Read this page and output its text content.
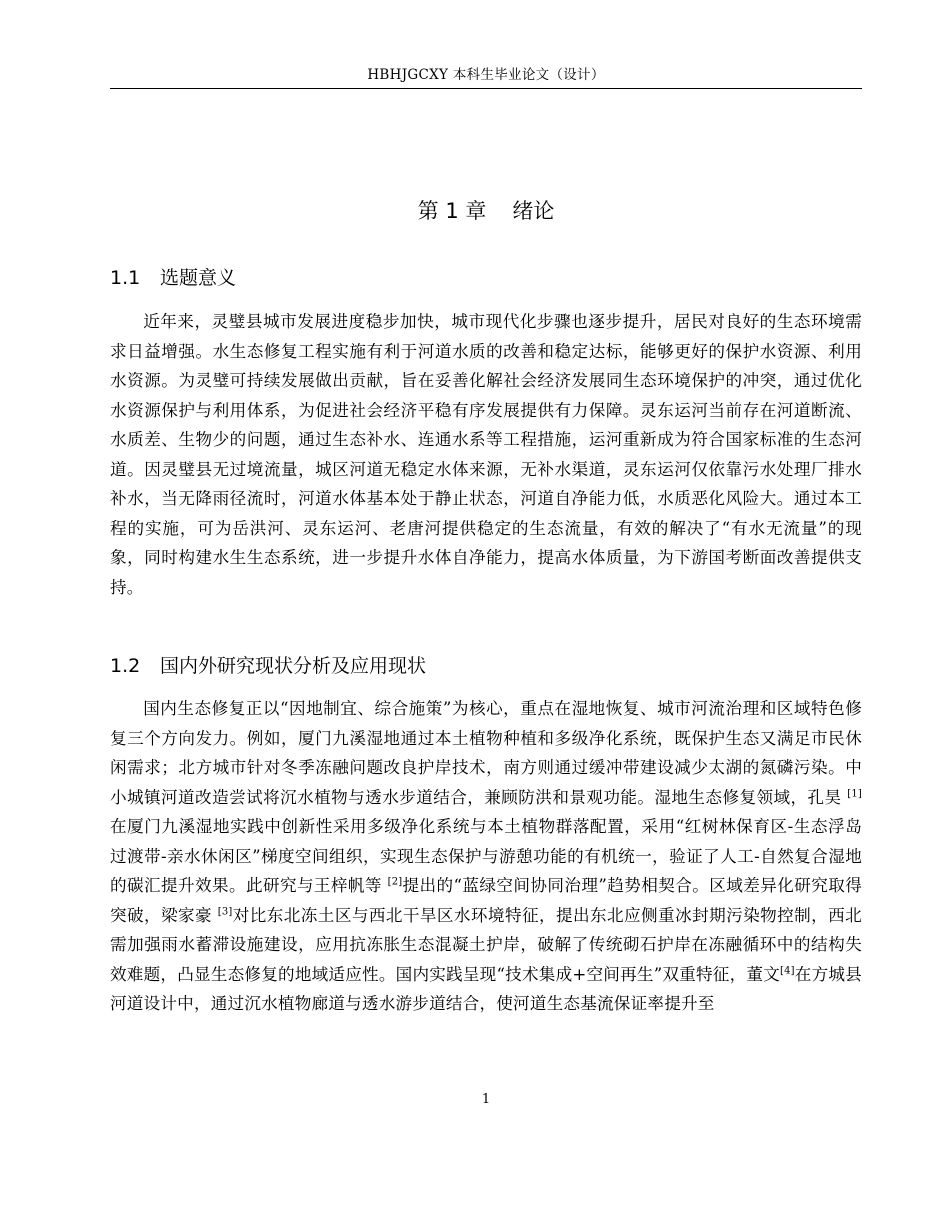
HBHJGCXY 本科生毕业论文（设计）
第 1 章 绪论
1.1 选题意义

近年来，灵璧县城市发展进度稳步加快，城市现代化步骤也逐步提升，居民对良好的生态环境需求日益增强。水生态修复工程实施有利于河道水质的改善和稳定达标，能够更好的保护水资源、利用水资源。为灵璧可持续发展做出贡献，旨在妥善化解社会经济发展同生态环境保护的冲突，通过优化水资源保护与利用体系，为促进社会经济平稳有序发展提供有力保障。灵东运河当前存在河道断流、水质差、生物少的问题，通过生态补水、连通水系等工程措施，运河重新成为符合国家标准的生态河道。因灵璧县无过境流量，城区河道无稳定水体来源，无补水渠道，灵东运河仅依靠污水处理厂排水补水，当无降雨径流时，河道水体基本处于静止状态，河道自净能力低，水质恶化风险大。通过本工程的实施，可为岳洪河、灵东运河、老唐河提供稳定的生态流量，有效的解决了“有水无流量”的现象，同时构建水生生态系统，进一步提升水体自净能力，提高水体质量，为下游国考断面改善提供支持。

1.2 国内外研究现状分析及应用现状

国内生态修复正以“因地制宜、综合施策”为核心，重点在湿地恢复、城市河流治理和区域特色修复三个方向发力。例如，厦门九溪湿地通过本土植物种植和多级净化系统，既保护生态又满足市民休闲需求；北方城市针对冬季冻融问题改良护岸技术，南方则通过缓冲带建设减少太湖的氮磷污染。中小城镇河道改造尝试将沉水植物与透水步道结合，兼顾防洪和景观功能。湿地生态修复领域，孔昊 [1]在厦门九溪湿地实践中创新性采用多级净化系统与本土植物群落配置，采用“红树林保育区-生态浮岛过渡带-亲水休闲区”梯度空间组织，实现生态保护与游憩功能的有机统一，验证了人工-自然复合湿地的碳汇提升效果。此研究与王梓帆等 [2]提出的“蓝绿空间协同治理”趋势相契合。区域差异化研究取得突破，梁家豪 [3]对比东北冻土区与西北干旱区水环境特征，提出东北应侧重冰封期污染物控制，西北需加强雨水蓄滞设施建设，应用抗冻胀生态混凝土护岸，破解了传统砌石护岸在冻融循环中的结构失效难题，凸显生态修复的地域适应性。国内实践呈现“技术集成+空间再生”双重特征，董文[4]在方城县河道设计中，通过沉水植物廊道与透水游步道结合，使河道生态基流保证率提升至

1
